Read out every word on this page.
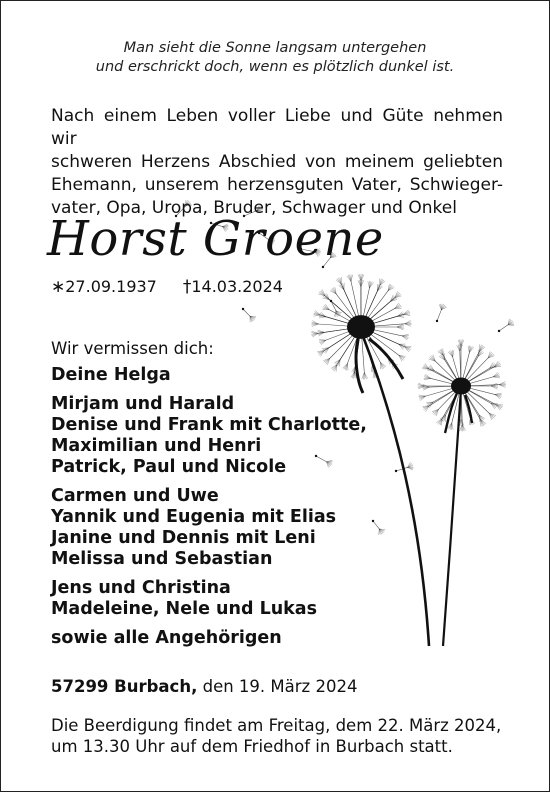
Man sieht die Sonne langsam untergehen
und erschrickt doch, wenn es plötzlich dunkel ist.
Nach einem Leben voller Liebe und Güte nehmen wir
schweren Herzens Abschied von meinem geliebten
Ehemann, unserem herzensguten Vater, Schwieger-
vater, Opa, Uropa, Bruder, Schwager und Onkel
Horst Groene
∗27.09.1937 †14.03.2024
Wir vermissen dich:
Deine Helga
Mirjam und Harald
Denise und Frank mit Charlotte,
Maximilian und Henri
Patrick, Paul und Nicole
Carmen und Uwe
Yannik und Eugenia mit Elias
Janine und Dennis mit Leni
Melissa und Sebastian
Jens und Christina
Madeleine, Nele und Lukas
sowie alle Angehörigen
57299 Burbach, den 19. März 2024
Die Beerdigung findet am Freitag, dem 22. März 2024,
um 13.30 Uhr auf dem Friedhof in Burbach statt.
